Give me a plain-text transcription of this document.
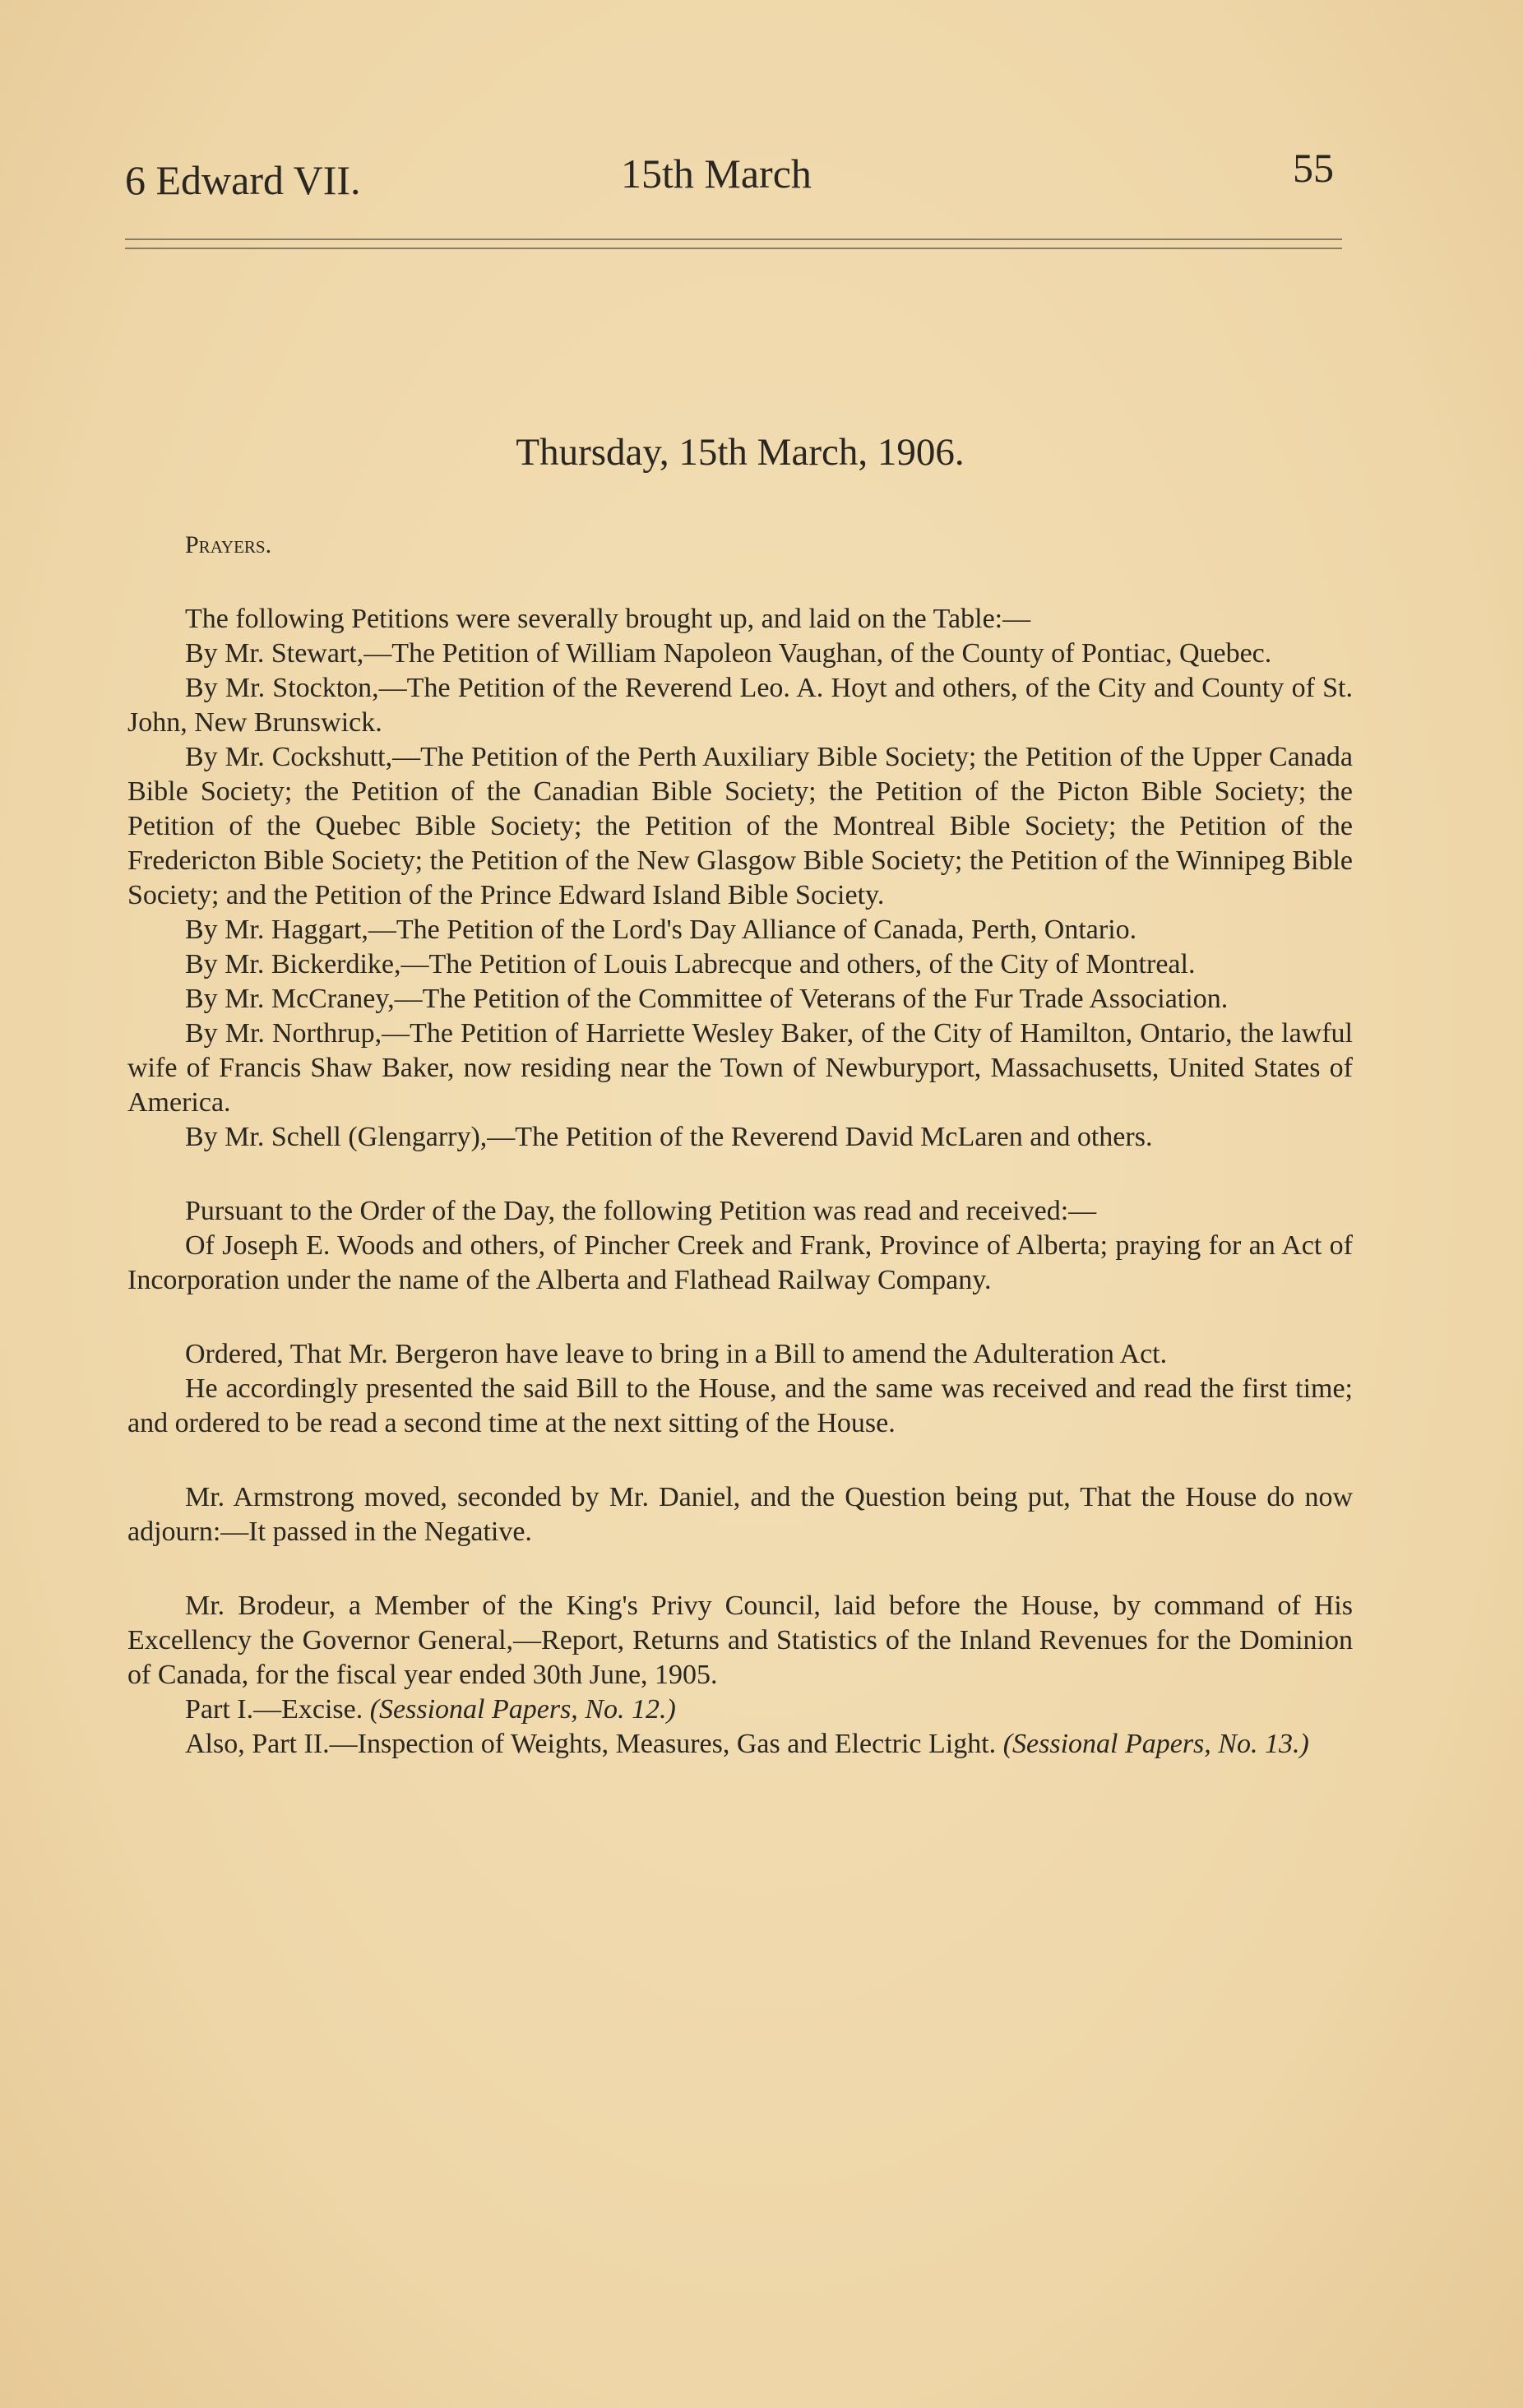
6 Edward VII.	15th March	55
Thursday, 15th March, 1906.
Prayers.

The following Petitions were severally brought up, and laid on the Table:—

By Mr. Stewart,—The Petition of William Napoleon Vaughan, of the County of Pontiac, Quebec.

By Mr. Stockton,—The Petition of the Reverend Leo. A. Hoyt and others, of the City and County of St. John, New Brunswick.

By Mr. Cockshutt,—The Petition of the Perth Auxiliary Bible Society; the Petition of the Upper Canada Bible Society; the Petition of the Canadian Bible Society; the Petition of the Picton Bible Society; the Petition of the Quebec Bible Society; the Petition of the Montreal Bible Society; the Petition of the Fredericton Bible Society; the Petition of the New Glasgow Bible Society; the Petition of the Winnipeg Bible Society; and the Petition of the Prince Edward Island Bible Society.

By Mr. Haggart,—The Petition of the Lord's Day Alliance of Canada, Perth, Ontario.

By Mr. Bickerdike,—The Petition of Louis Labrecque and others, of the City of Montreal.

By Mr. McCraney,—The Petition of the Committee of Veterans of the Fur Trade Association.

By Mr. Northrup,—The Petition of Harriette Wesley Baker, of the City of Hamilton, Ontario, the lawful wife of Francis Shaw Baker, now residing near the Town of Newburyport, Massachusetts, United States of America.

By Mr. Schell (Glengarry),—The Petition of the Reverend David McLaren and others.

Pursuant to the Order of the Day, the following Petition was read and received:—

Of Joseph E. Woods and others, of Pincher Creek and Frank, Province of Alberta; praying for an Act of Incorporation under the name of the Alberta and Flathead Railway Company.

Ordered, That Mr. Bergeron have leave to bring in a Bill to amend the Adulteration Act.

He accordingly presented the said Bill to the House, and the same was received and read the first time; and ordered to be read a second time at the next sitting of the House.

Mr. Armstrong moved, seconded by Mr. Daniel, and the Question being put, That the House do now adjourn:—It passed in the Negative.

Mr. Brodeur, a Member of the King's Privy Council, laid before the House, by command of His Excellency the Governor General,—Report, Returns and Statistics of the Inland Revenues for the Dominion of Canada, for the fiscal year ended 30th June, 1905.

Part I.—Excise. (Sessional Papers, No. 12.)

Also, Part II.—Inspection of Weights, Measures, Gas and Electric Light. (Sessional Papers, No. 13.)
